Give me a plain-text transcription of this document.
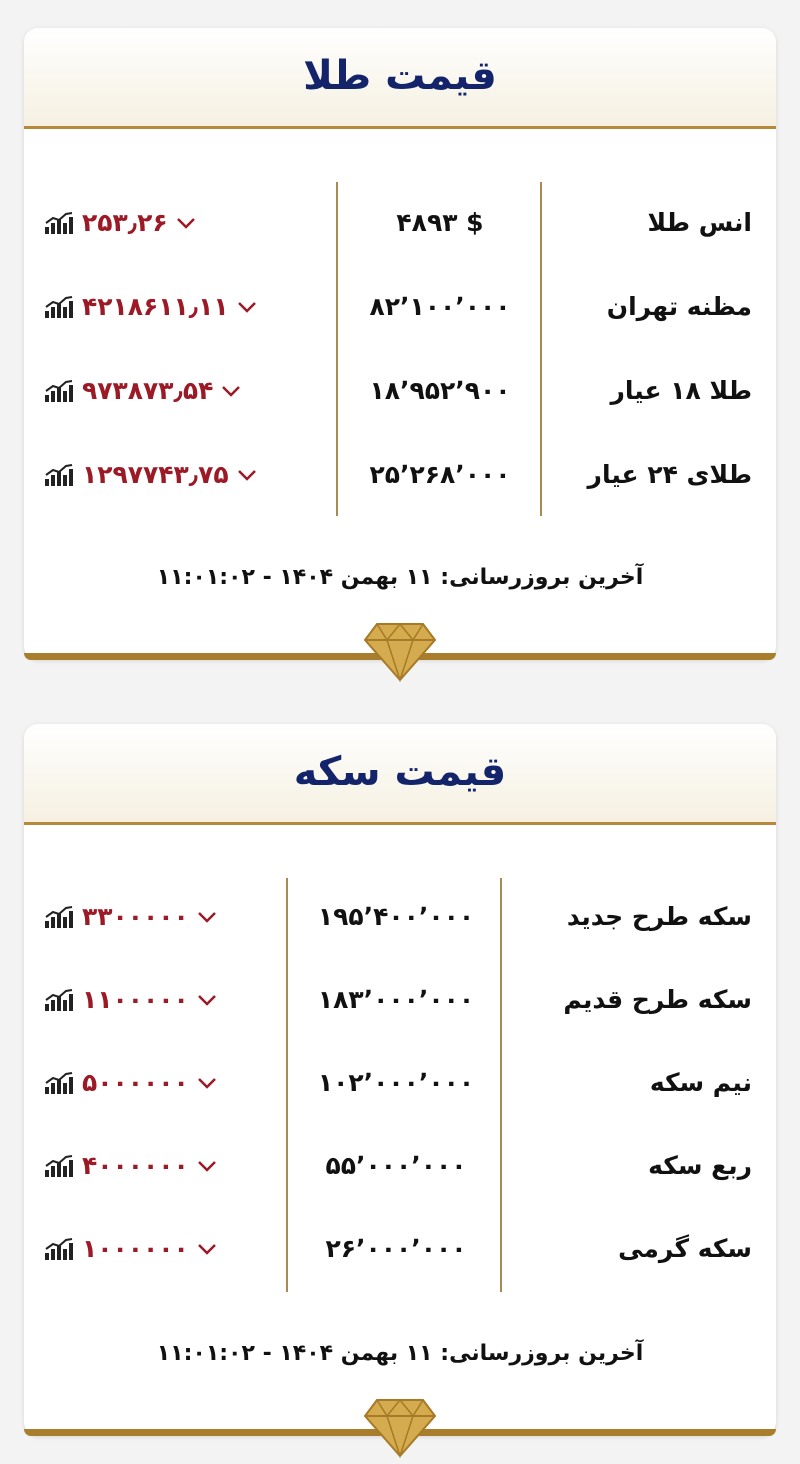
قیمت طلا
انس طلا
۴۸۹۳ $
۲۵۳٫۲۶
مظنه تهران
۸۲٬۱۰۰٬۰۰۰
۴۲۱۸۶۱۱٫۱۱
طلا ۱۸ عیار
۱۸٬۹۵۲٬۹۰۰
۹۷۳۸۷۳٫۵۴
طلای ۲۴ عیار
۲۵٬۲۶۸٬۰۰۰
۱۲۹۷۷۴۳٫۷۵
آخرین بروزرسانی: ۱۱ بهمن ۱۴۰۴ - ۱۱:۰۱:۰۲
قیمت سکه
سکه طرح جدید
۱۹۵٬۴۰۰٬۰۰۰
۳۳۰۰۰۰۰
سکه طرح قدیم
۱۸۳٬۰۰۰٬۰۰۰
۱۱۰۰۰۰۰
نیم سکه
۱۰۲٬۰۰۰٬۰۰۰
۵۰۰۰۰۰۰
ربع سکه
۵۵٬۰۰۰٬۰۰۰
۴۰۰۰۰۰۰
سکه گرمی
۲۶٬۰۰۰٬۰۰۰
۱۰۰۰۰۰۰
آخرین بروزرسانی: ۱۱ بهمن ۱۴۰۴ - ۱۱:۰۱:۰۲
